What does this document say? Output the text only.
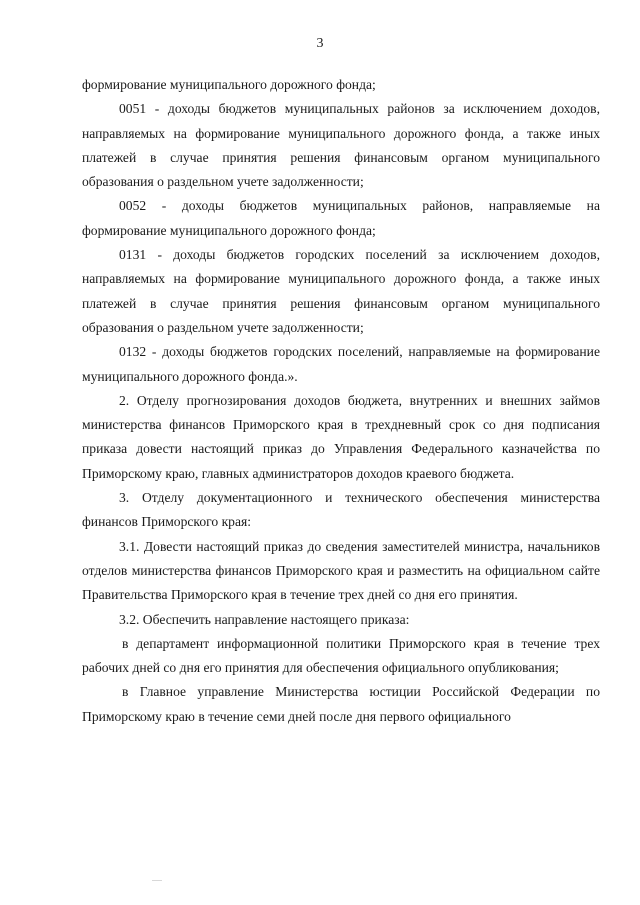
3

формирование муниципального дорожного фонда;

0051 - доходы бюджетов муниципальных районов за исключением доходов, направляемых на формирование муниципального дорожного фонда, а также иных платежей в случае принятия решения финансовым органом муниципального образования о раздельном учете задолженности;

0052 - доходы бюджетов муниципальных районов, направляемые на формирование муниципального дорожного фонда;

0131 - доходы бюджетов городских поселений за исключением доходов, направляемых на формирование муниципального дорожного фонда, а также иных платежей в случае принятия решения финансовым органом муниципального образования о раздельном учете задолженности;

0132 - доходы бюджетов городских поселений, направляемые на формирование муниципального дорожного фонда.».

2. Отделу прогнозирования доходов бюджета, внутренних и внешних займов министерства финансов Приморского края в трехдневный срок со дня подписания приказа довести настоящий приказ до Управления Федерального казначейства по Приморскому краю, главных администраторов доходов краевого бюджета.

3. Отделу документационного и технического обеспечения министерства финансов Приморского края:

3.1. Довести настоящий приказ до сведения заместителей министра, начальников отделов министерства финансов Приморского края и разместить на официальном сайте Правительства Приморского края в течение трех дней со дня его принятия.

3.2. Обеспечить направление настоящего приказа:

в департамент информационной политики Приморского края в течение трех рабочих дней со дня его принятия для обеспечения официального опубликования;

в Главное управление Министерства юстиции Российской Федерации по Приморскому краю в течение семи дней после дня первого официального
